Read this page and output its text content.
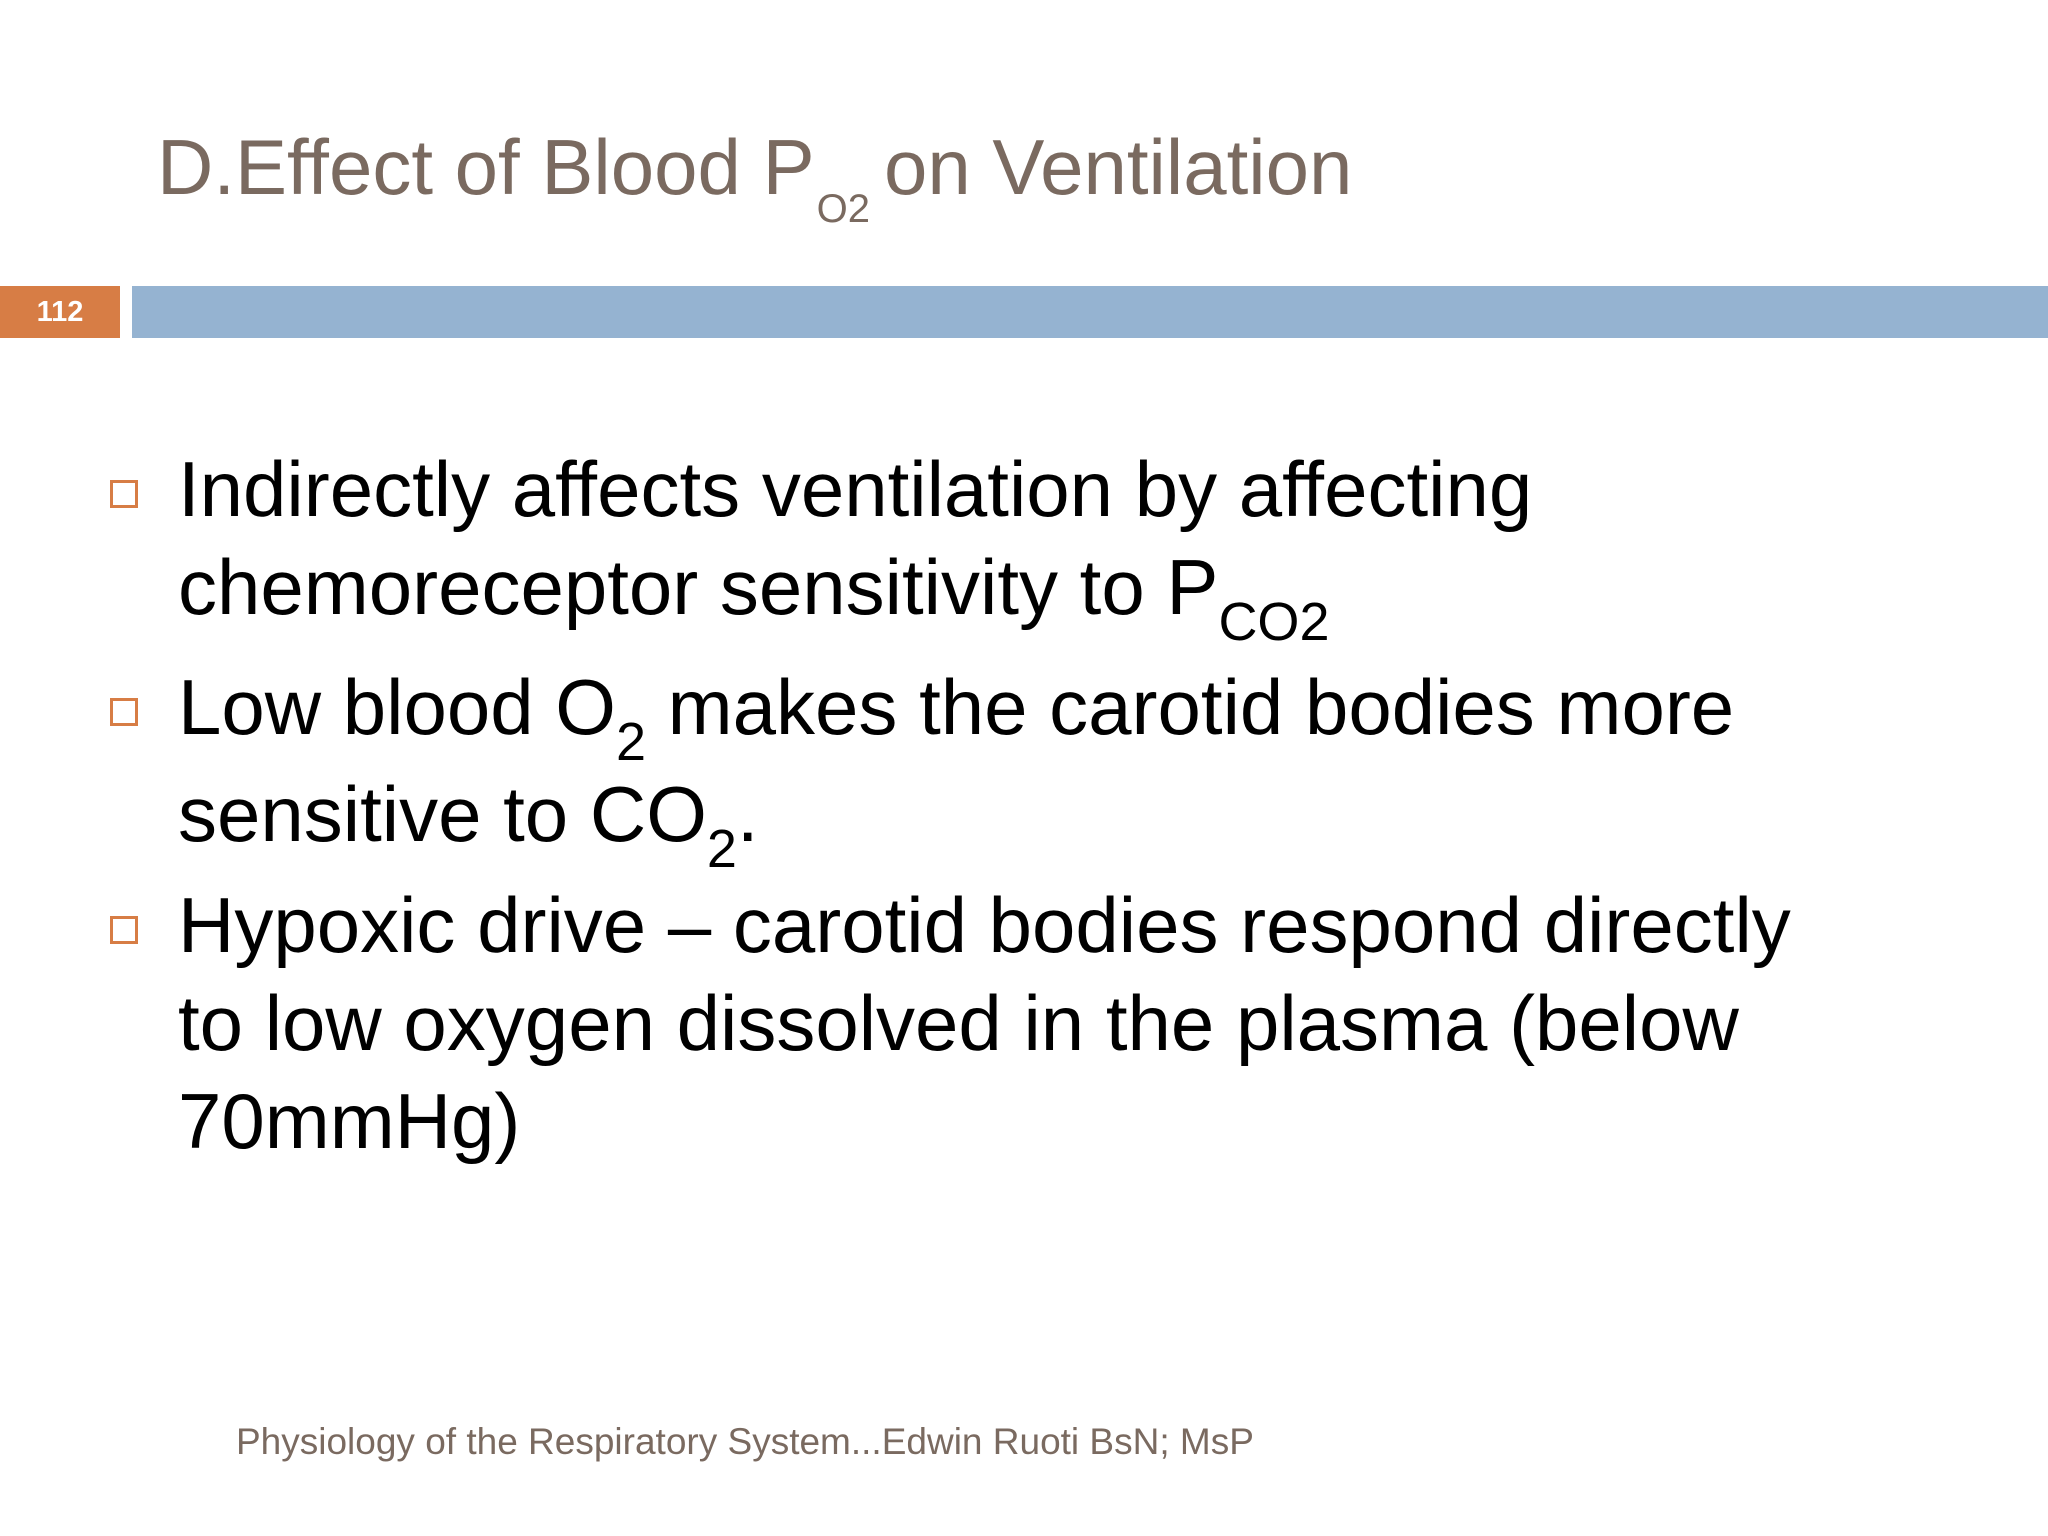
D.Effect of Blood $P_{O2}$ on Ventilation
112
Indirectly affects ventilation by affecting
chemoreceptor sensitivity to $P_{CO2}$
Low blood $O_2$ makes the carotid bodies more
sensitive to $CO_2$.
Hypoxic drive – carotid bodies respond directly
to low oxygen dissolved in the plasma (below
70mmHg)
Physiology of the Respiratory System...Edwin Ruoti BsN; MsP
